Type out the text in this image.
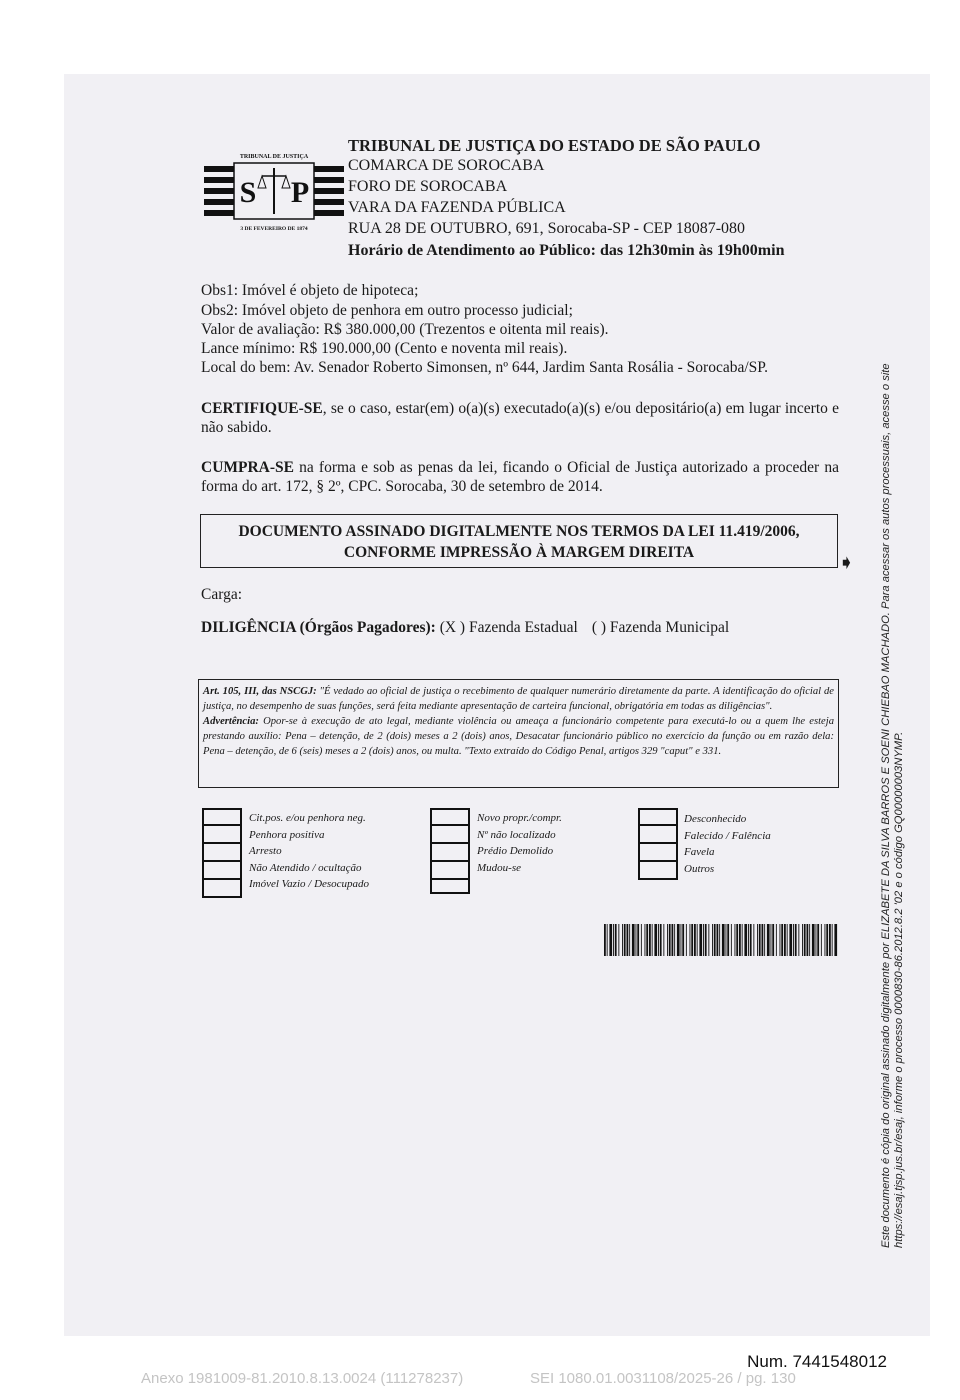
TRIBUNAL DE JUSTIÇA
S P
3 DE FEVEREIRO DE 1874
TRIBUNAL DE JUSTIÇA DO ESTADO DE SÃO PAULO
COMARCA DE SOROCABA
FORO DE SOROCABA
VARA DA FAZENDA PÚBLICA
RUA 28 DE OUTUBRO, 691, Sorocaba-SP - CEP 18087-080
Horário de Atendimento ao Público: das 12h30min às 19h00min
Obs1: Imóvel é objeto de hipoteca;
Obs2: Imóvel objeto de penhora em outro processo judicial;
Valor de avaliação: R$ 380.000,00 (Trezentos e oitenta mil reais).
Lance mínimo: R$ 190.000,00 (Cento e noventa mil reais).
Local do bem: Av. Senador Roberto Simonsen, nº 644, Jardim Santa Rosália - Sorocaba/SP.
CERTIFIQUE-SE, se o caso, estar(em) o(a)(s) executado(a)(s) e/ou depositário(a) em lugar incerto e não sabido.
CUMPRA-SE na forma e sob as penas da lei, ficando o Oficial de Justiça autorizado a proceder na forma do art. 172, § 2º, CPC. Sorocaba, 30 de setembro de 2014.
DOCUMENTO ASSINADO DIGITALMENTE NOS TERMOS DA LEI 11.419/2006,
CONFORME IMPRESSÃO À MARGEM DIREITA	➧
Carga:
DILIGÊNCIA (Órgãos Pagadores): (X ) Fazenda Estadual ( ) Fazenda Municipal
Art. 105, III, das NSCGJ: "É vedado ao oficial de justiça o recebimento de qualquer numerário diretamente da parte. A identificação do oficial de justiça, no desempenho de suas funções, será feita mediante apresentação de carteira funcional, obrigatória em todas as diligências".
Advertência: Opor-se à execução de ato legal, mediante violência ou ameaça a funcionário competente para executá-lo ou a quem lhe esteja prestando auxílio: Pena – detenção, de 2 (dois) meses a 2 (dois) anos, Desacatar funcionário público no exercício da função ou em razão dela: Pena – detenção, de 6 (seis) meses a 2 (dois) anos, ou multa. "Texto extraído do Código Penal, artigos 329 "caput" e 331.
Cit.pos. e/ou penhora neg.
Penhora positiva
Arresto
Não Atendido / ocultação
Imóvel Vazio / Desocupado
Novo propr./compr.
Nº não localizado
Prédio Demolido
Mudou-se
Desconhecido
Falecido / Falência
Favela
Outros	Este documento é cópia do original assinado digitalmente por ELIZABETE DA SILVA BARROS E SOENI CHIEBAO MACHADO. Para acessar os autos processuais, acesse o site https://esaj.tjsp.jus.br/esaj, informe o processo 0000830-86.2012.8.2 '02 e o código GQ00000003NYMP.
Num. 7441548012
Anexo 1981009-81.2010.8.13.0024 (111278237)	SEI 1080.01.0031108/2025-26 / pg. 130
